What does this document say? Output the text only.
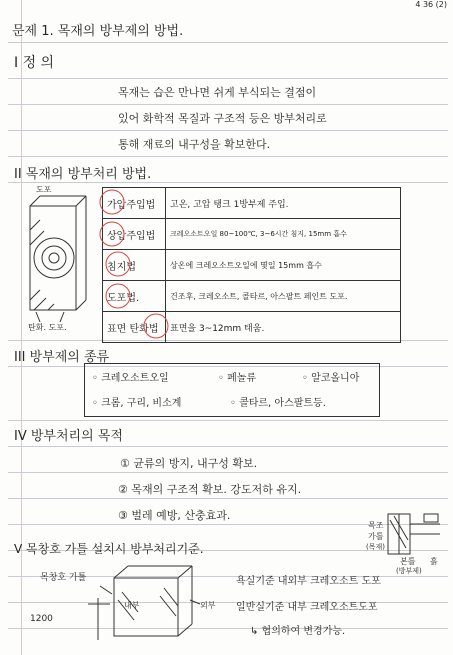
4 36 (2)
문제 1. 목재의 방부제의 방법.
I 정 의
목재는 습은 만나면 쉬게 부식되는 결점이
있어 화학적 목질과 구조적 등은 방부처리로
통해 재료의 내구성을 확보한다.
II 목재의 방부처리 방법.
도포
탄화. 도포.
가압주입법	고온, 고압 탱크 1방부제 주입.
상압주입법	크레오소트오일 80~100℃, 3~6시간 침지, 15mm 흡수
침지법	상온에 크레오소트오일에 몇일 15mm 흡수
도포법.	건조후, 크레오소트, 콜타르, 아스팔트 페인트 도포.
표면 탄화법	표면을 3~12mm 태움.
III 방부제의 종류
◦ 크레오소트오일	◦ 페놀류	◦ 알코올니아
◦ 크롬, 구리, 비소계	◦ 콜타르, 아스팔트등.
IV 방부처리의 목적
① 균류의 방지, 내구성 확보.
② 목재의 구조적 확보. 강도저하 유지.
③ 벌레 예방, 산충효과.
목조
가틀
(목재)
본틀
(방부제)
흙
V 목창호 가틀 설치시 방부처리기준.
목창호 가틀
1200
내부	외부
욕실기준 내외부 크레오소트 도포
일반실기준 내부 크레오소트도포
↳ 협의하여 변경가능.
